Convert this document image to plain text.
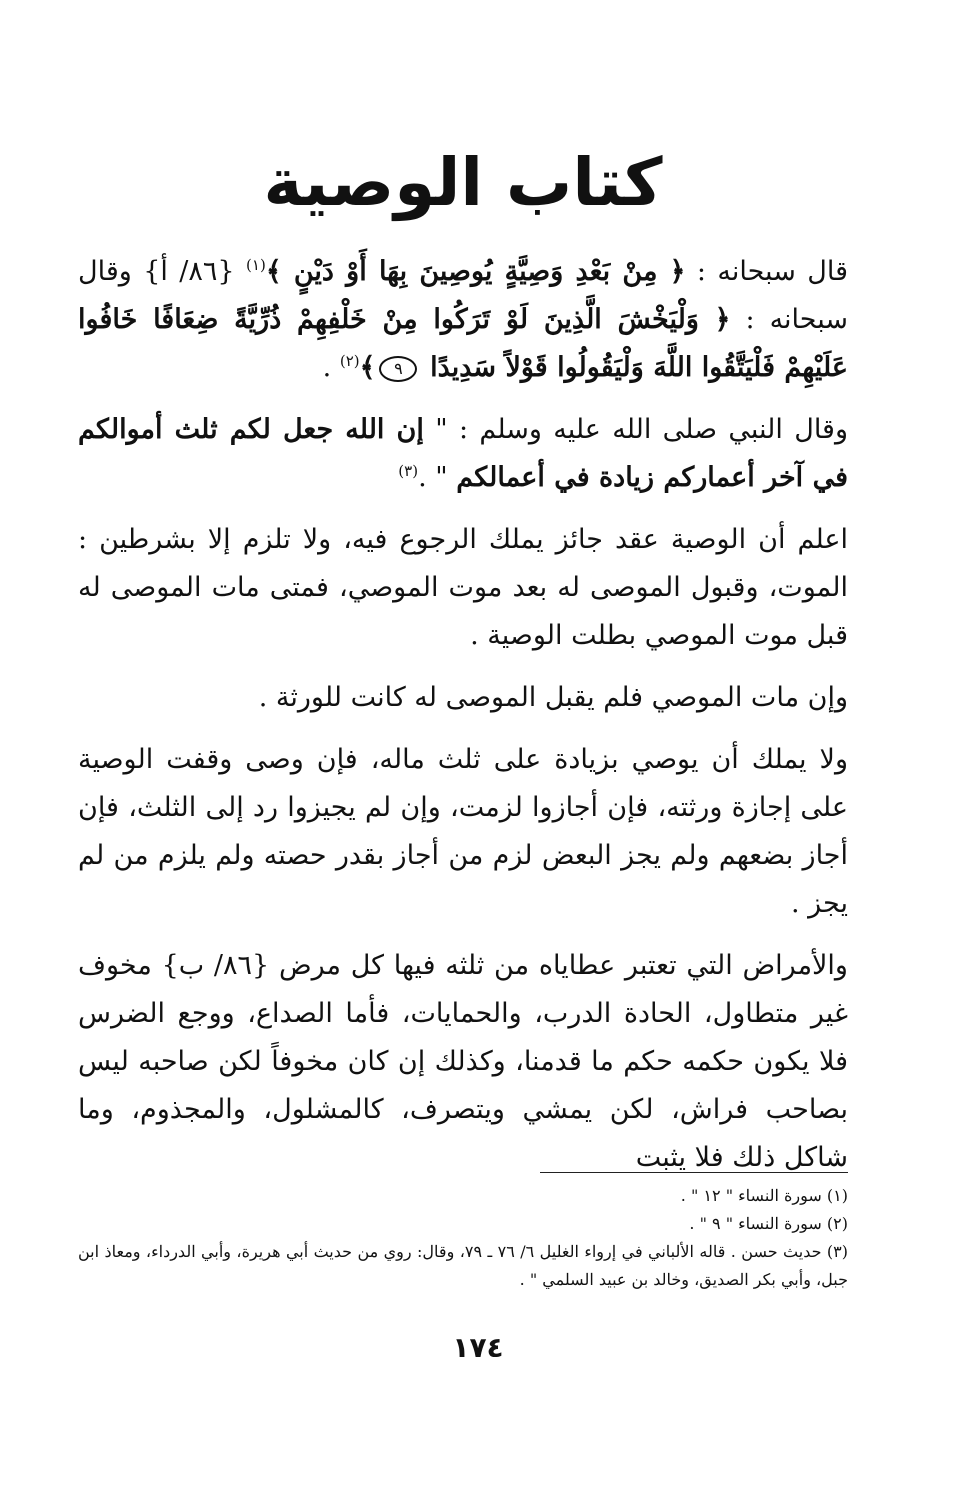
كتاب الوصية

قال سبحانه : ﴿ مِنْ بَعْدِ وَصِيَّةٍ يُوصِينَ بِهَا أَوْ دَيْنٍ ﴾$^{(١)}$ {٨٦/ أ} وقال سبحانه : ﴿ وَلْيَخْشَ الَّذِينَ لَوْ تَرَكُوا مِنْ خَلْفِهِمْ ذُرِّيَّةً ضِعَافًا خَافُوا عَلَيْهِمْ فَلْيَتَّقُوا اللَّهَ وَلْيَقُولُوا قَوْلاً سَدِيدًا ٩﴾$^{(٢)}$ .

وقال النبي صلى الله عليه وسلم : " إن الله جعل لكم ثلث أموالكم في آخر أعماركم زيادة في أعمالكم " .$^{(٣)}$

اعلم أن الوصية عقد جائز يملك الرجوع فيه، ولا تلزم إلا بشرطين : الموت، وقبول الموصى له بعد موت الموصي، فمتى مات الموصى له قبل موت الموصي بطلت الوصية .

وإن مات الموصي فلم يقبل الموصى له كانت للورثة .

ولا يملك أن يوصي بزيادة على ثلث ماله، فإن وصى وقفت الوصية على إجازة ورثته، فإن أجازوا لزمت، وإن لم يجيزوا رد إلى الثلث، فإن أجاز بضعهم ولم يجز البعض لزم من أجاز بقدر حصته ولم يلزم من لم يجز .

والأمراض التي تعتبر عطاياه من ثلثه فيها كل مرض {٨٦/ ب} مخوف غير متطاول، الحادة الدرب، والحمايات، فأما الصداع، ووجع الضرس فلا يكون حكمه حكم ما قدمنا، وكذلك إن كان مخوفاً لكن صاحبه ليس بصاحب فراش، لكن يمشي ويتصرف، كالمشلول، والمجذوم، وما شاكل ذلك فلا يثبت

(١) سورة النساء " ١٢ " .

(٢) سورة النساء " ٩ " .

(٣) حديث حسن . قاله الألباني في إرواء الغليل ٦/ ٧٦ ـ ٧٩، وقال: روي من حديث أبي هريرة، وأبي الدرداء، ومعاذ ابن جبل، وأبي بكر الصديق، وخالد بن عبيد السلمي " .

١٧٤
